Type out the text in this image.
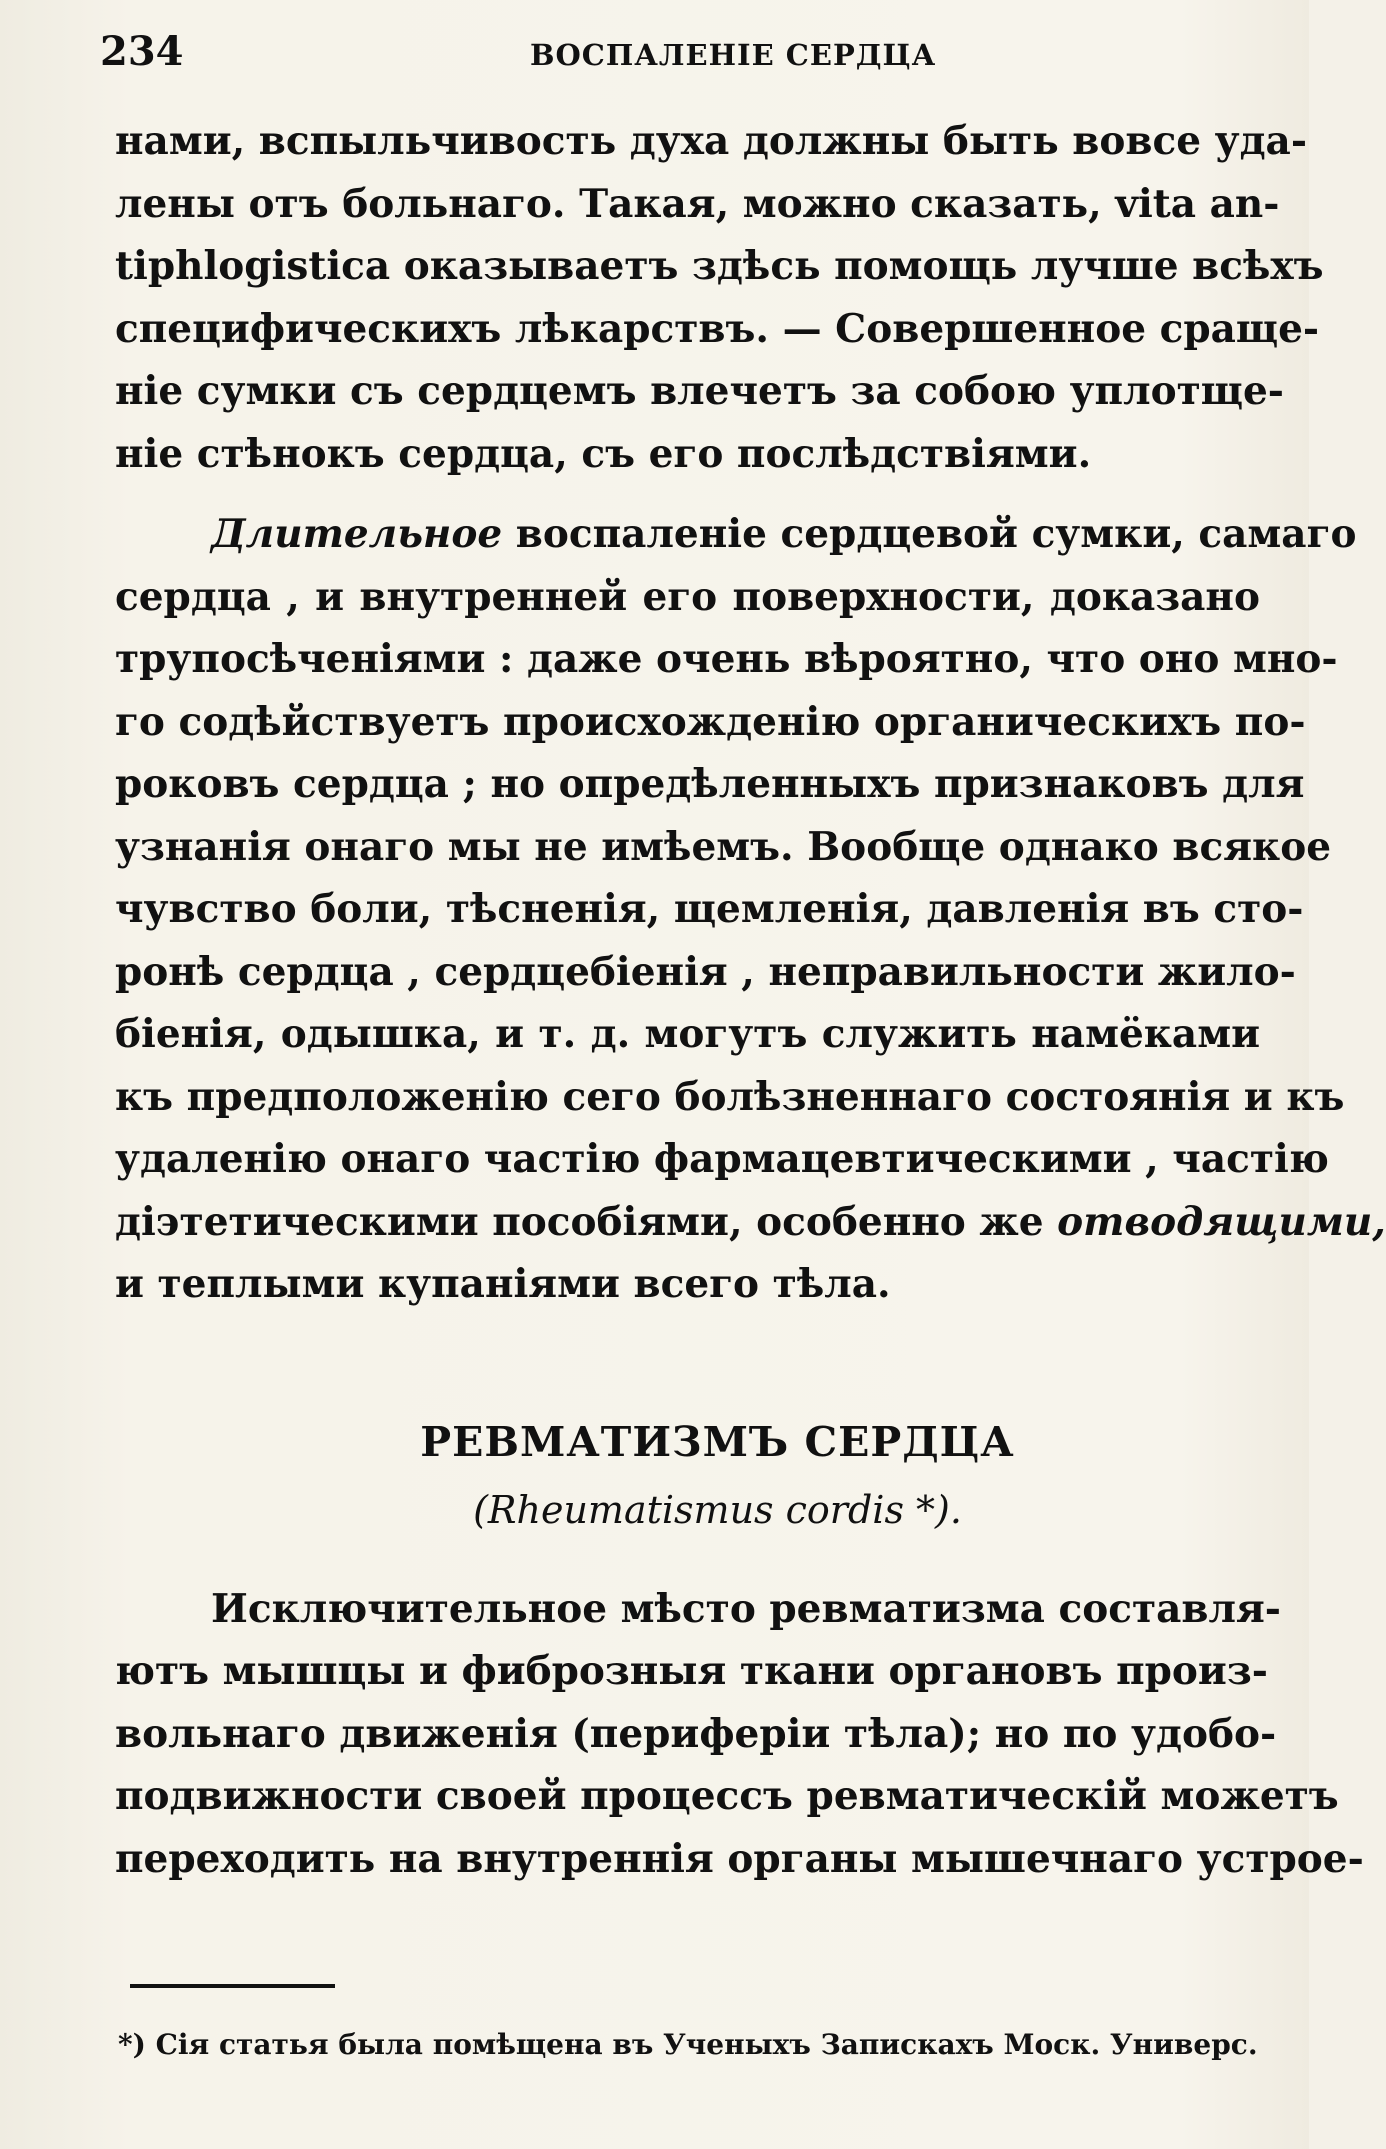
234	ВОСПАЛЕНІЕ СЕРДЦА
нами, вспыльчивость духа должны быть вовсе уда-
лены отъ больнаго. Такая, можно сказать, vita an-
tiphlogistica оказываетъ здѣсь помощь лучше всѣхъ
специфическихъ лѣкарствъ. — Совершенное сраще-
ніе сумки съ сердцемъ влечетъ за собою уплотще-
ніе стѣнокъ сердца, съ его послѣдствіями.
Длительное воспаленіе сердцевой сумки, самаго
сердца , и внутренней его поверхности, доказано
трупосѣченіями : даже очень вѣроятно, что оно мно-
го содѣйствуетъ происхожденію органическихъ по-
роковъ сердца ; но опредѣленныхъ признаковъ для
узнанія онаго мы не имѣемъ. Вообще однако всякое
чувство боли, тѣсненія, щемленія, давленія въ сто-
ронѣ сердца , сердцебіенія , неправильности жило-
біенія, одышка, и т. д. могутъ служить намёками
къ предположенію сего болѣзненнаго состоянія и къ
удаленію онаго частію фармацевтическими , частію
діэтетическими пособіями, особенно же отводящими,
и теплыми купаніями всего тѣла.
РЕВМАТИЗМЪ СЕРДЦА
(Rheumatismus cordis *).
Исключительное мѣсто ревматизма составля-
ютъ мышцы и фиброзныя ткани органовъ произ-
вольнаго движенія (периферіи тѣла); но по удобо-
подвижности своей процессъ ревматическій можетъ
переходить на внутреннія органы мышечнаго устрое-
*) Сія статья была помѣщена въ Ученыхъ Запискахъ Моск. Универс.
